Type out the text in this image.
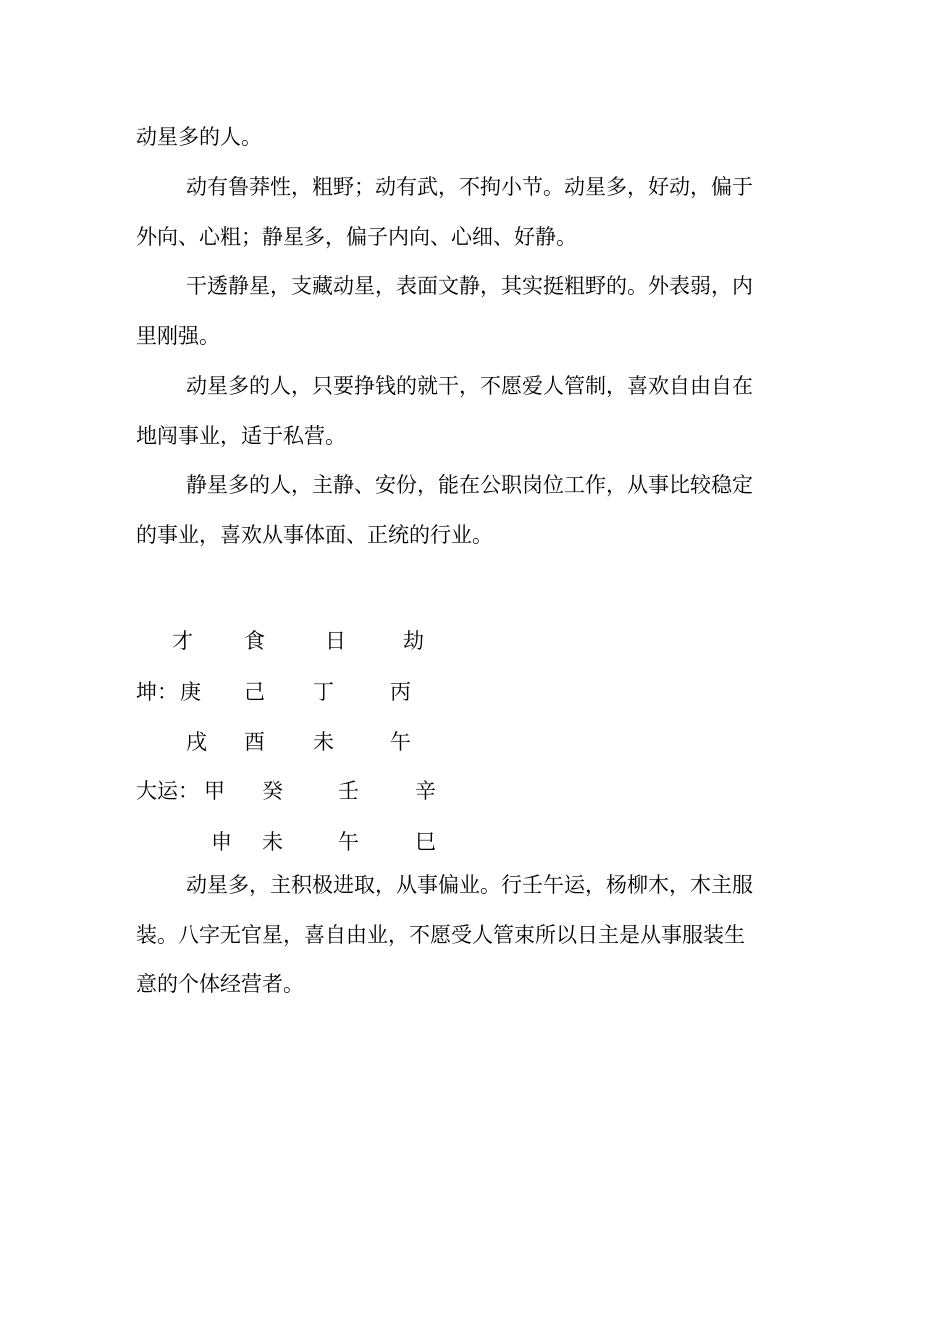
动星多的人。
动有鲁莽性，粗野；动有武，不拘小节。动星多，好动，偏于
外向、心粗；静星多，偏子内向、心细、好静。
干透静星，支藏动星，表面文静，其实挺粗野的。外表弱，内
里刚强。
动星多的人，只要挣钱的就干，不愿爱人管制，喜欢自由自在
地闯事业，适于私营。
静星多的人，主静、安份，能在公职岗位工作，从事比较稳定
的事业，喜欢从事体面、正统的行业。
才 食	日	劫
坤： 庚 己 丁	丙
戌 酉 未	午
大运： 甲 癸	壬	辛
申 未	午	巳
动星多，主积极进取，从事偏业。行壬午运，杨柳木，木主服
装。八字无官星，喜自由业，不愿受人管束所以日主是从事服装生
意的个体经营者。
